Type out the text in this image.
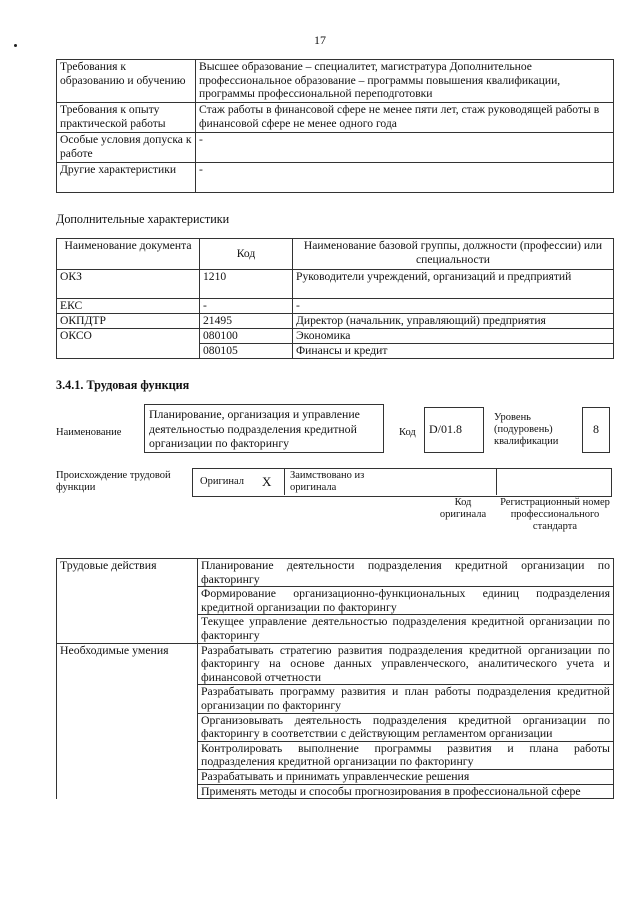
17
Требования к образованию и обучению	Высшее образование – специалитет, магистратура Дополнительное профессиональное образование – программы повышения квалификации, программы профессиональной переподготовки
Требования к опыту практической работы	Стаж работы в финансовой сфере не менее пяти лет, стаж руководящей работы в финансовой сфере не менее одного года
Особые условия допуска к работе	-
Другие характеристики	-
Дополнительные характеристики
Наименование документа	Код	Наименование базовой группы, должности (профессии) или специальности
ОКЗ	1210	Руководители учреждений, организаций и предприятий
ЕКС	-	-
ОКПДТР	21495	Директор (начальник, управляющий) предприятия
ОКСО	080100	Экономика
	080105	Финансы и кредит
3.4.1. Трудовая функция
Наименование
Планирование, организация и управление деятельностью подразделения кредитной организации по факторингу
Код	D/01.8
Уровень (подуровень) квалификации
8
Происхождение трудовой функции
Оригинал X Заимствовано из оригинала
Код оригинала
Регистрационный номер профессионального стандарта
Трудовые действия	Планирование деятельности подразделения кредитной организации по факторингу
	Формирование организационно-функциональных единиц подразделения кредитной организации по факторингу
	Текущее управление деятельностью подразделения кредитной организации по факторингу
Необходимые умения	Разрабатывать стратегию развития подразделения кредитной организации по факторингу на основе данных управленческого, аналитического учета и финансовой отчетности
	Разрабатывать программу развития и план работы подразделения кредитной организации по факторингу
	Организовывать деятельность подразделения кредитной организации по факторингу в соответствии с действующим регламентом организации
	Контролировать выполнение программы развития и плана работы подразделения кредитной организации по факторингу
	Разрабатывать и принимать управленческие решения
	Применять методы и способы прогнозирования в профессиональной сфере
